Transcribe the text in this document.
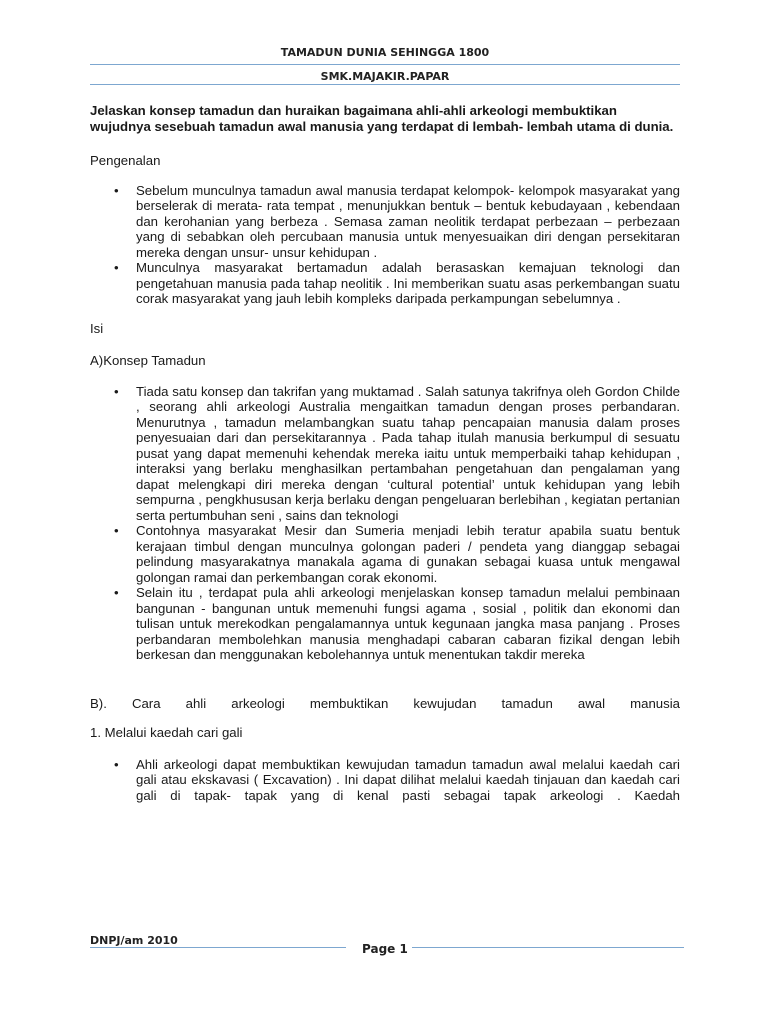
TAMADUN DUNIA SEHINGGA 1800
SMK.MAJAKIR.PAPAR

Jelaskan konsep tamadun dan huraikan bagaimana ahli-ahli arkeologi membuktikan wujudnya sesebuah tamadun awal manusia yang terdapat di lembah- lembah utama di dunia.

Pengenalan

• Sebelum munculnya tamadun awal manusia terdapat kelompok- kelompok masyarakat yang berselerak di merata- rata tempat , menunjukkan bentuk – bentuk kebudayaan , kebendaan dan kerohanian yang berbeza . Semasa zaman neolitik terdapat perbezaan – perbezaan yang di sebabkan oleh percubaan manusia untuk menyesuaikan diri dengan persekitaran mereka dengan unsur- unsur kehidupan .
• Munculnya masyarakat bertamadun adalah berasaskan kemajuan teknologi dan pengetahuan manusia pada tahap neolitik . Ini memberikan suatu asas perkembangan suatu corak masyarakat yang jauh lebih kompleks daripada perkampungan sebelumnya .

Isi

A)Konsep Tamadun

• Tiada satu konsep dan takrifan yang muktamad . Salah satunya takrifnya oleh Gordon Childe , seorang ahli arkeologi Australia mengaitkan tamadun dengan proses perbandaran. Menurutnya , tamadun melambangkan suatu tahap pencapaian manusia dalam proses penyesuaian dari dan persekitarannya . Pada tahap itulah manusia berkumpul di sesuatu pusat yang dapat memenuhi kehendak mereka iaitu untuk memperbaiki tahap kehidupan , interaksi yang berlaku menghasilkan pertambahan pengetahuan dan pengalaman yang dapat melengkapi diri mereka dengan ‘cultural potential’ untuk kehidupan yang lebih sempurna , pengkhususan kerja berlaku dengan pengeluaran berlebihan , kegiatan pertanian serta pertumbuhan seni , sains dan teknologi
• Contohnya masyarakat Mesir dan Sumeria menjadi lebih teratur apabila suatu bentuk kerajaan timbul dengan munculnya golongan paderi / pendeta yang dianggap sebagai pelindung masyarakatnya manakala agama di gunakan sebagai kuasa untuk mengawal golongan ramai dan perkembangan corak ekonomi.
• Selain itu , terdapat pula ahli arkeologi menjelaskan konsep tamadun melalui pembinaan bangunan - bangunan untuk memenuhi fungsi agama , sosial , politik dan ekonomi dan tulisan untuk merekodkan pengalamannya untuk kegunaan jangka masa panjang . Proses perbandaran membolehkan manusia menghadapi cabaran cabaran fizikal dengan lebih berkesan dan menggunakan kebolehannya untuk menentukan takdir mereka

B). Cara ahli arkeologi membuktikan kewujudan tamadun awal manusia

1. Melalui kaedah cari gali

• Ahli arkeologi dapat membuktikan kewujudan tamadun tamadun awal melalui kaedah cari gali atau ekskavasi ( Excavation) . Ini dapat dilihat melalui kaedah tinjauan dan kaedah cari gali di tapak- tapak yang di kenal pasti sebagai tapak arkeologi . Kaedah
DNPJ/am 2010
Page 1
